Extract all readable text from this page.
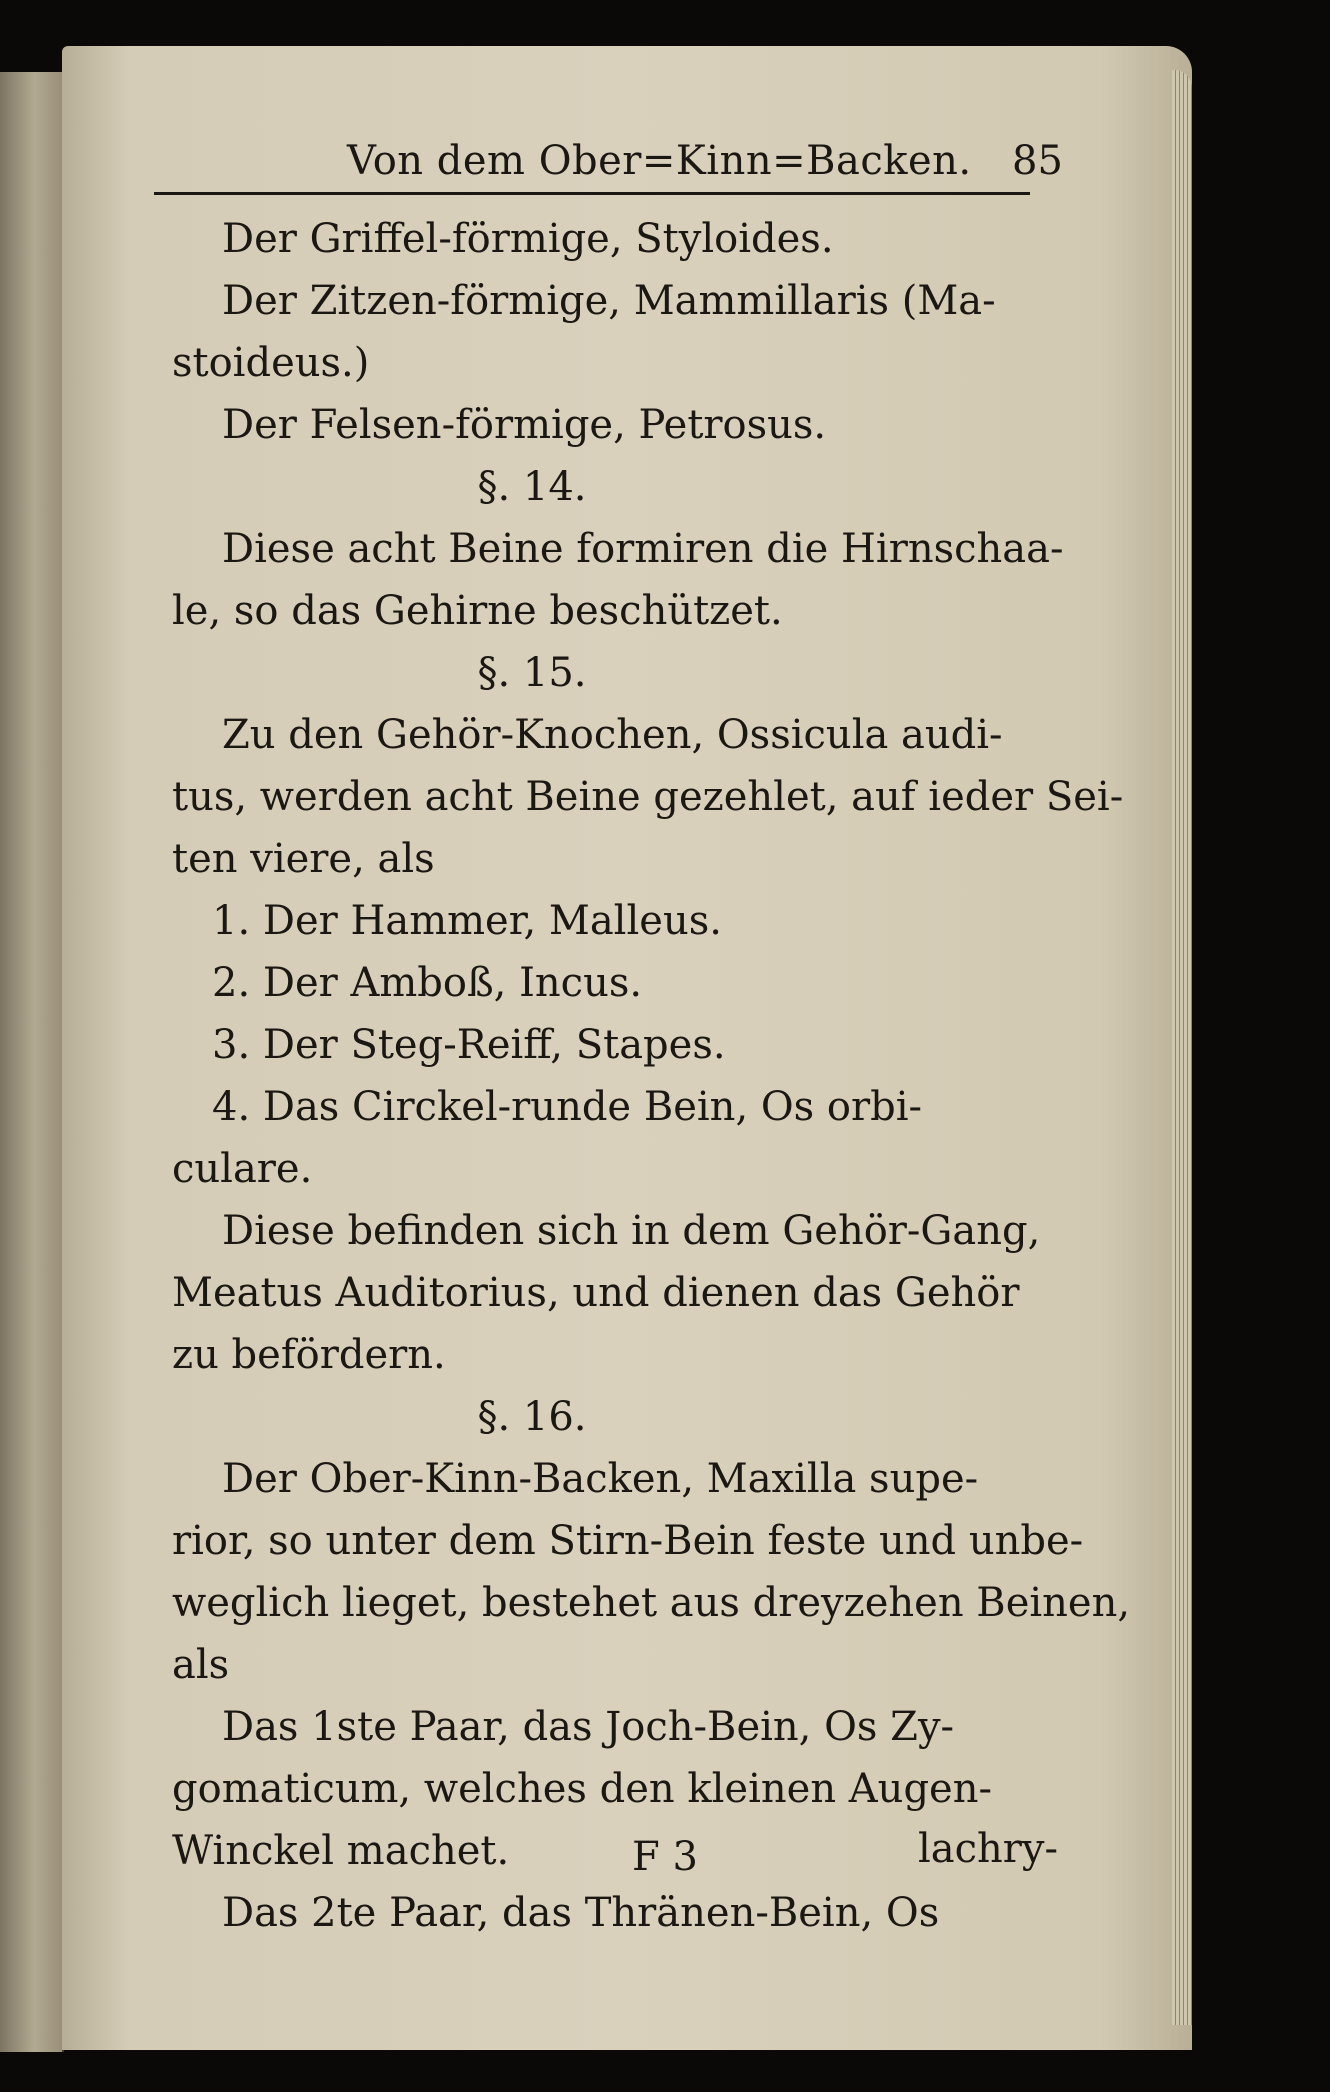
Von dem Ober=Kinn=Backen. 85
Der Griffel-förmige, Styloides.
Der Zitzen-förmige, Mammillaris (Ma-
stoideus.)
Der Felsen-förmige, Petrosus.
§. 14.
Diese acht Beine formiren die Hirnschaa-
le, so das Gehirne beschützet.
§. 15.
Zu den Gehör-Knochen, Ossicula audi-
tus, werden acht Beine gezehlet, auf ieder Sei-
ten viere, als
1. Der Hammer, Malleus.
2. Der Amboß, Incus.
3. Der Steg-Reiff, Stapes.
4. Das Circkel-runde Bein, Os orbi-
culare.
Diese befinden sich in dem Gehör-Gang,
Meatus Auditorius, und dienen das Gehör
zu befördern.
§. 16.
Der Ober-Kinn-Backen, Maxilla supe-
rior, so unter dem Stirn-Bein feste und unbe-
weglich lieget, bestehet aus dreyzehen Beinen,
als
Das 1ste Paar, das Joch-Bein, Os Zy-
gomaticum, welches den kleinen Augen-
Winckel machet.
Das 2te Paar, das Thränen-Bein, Os
F 3	lachry-
